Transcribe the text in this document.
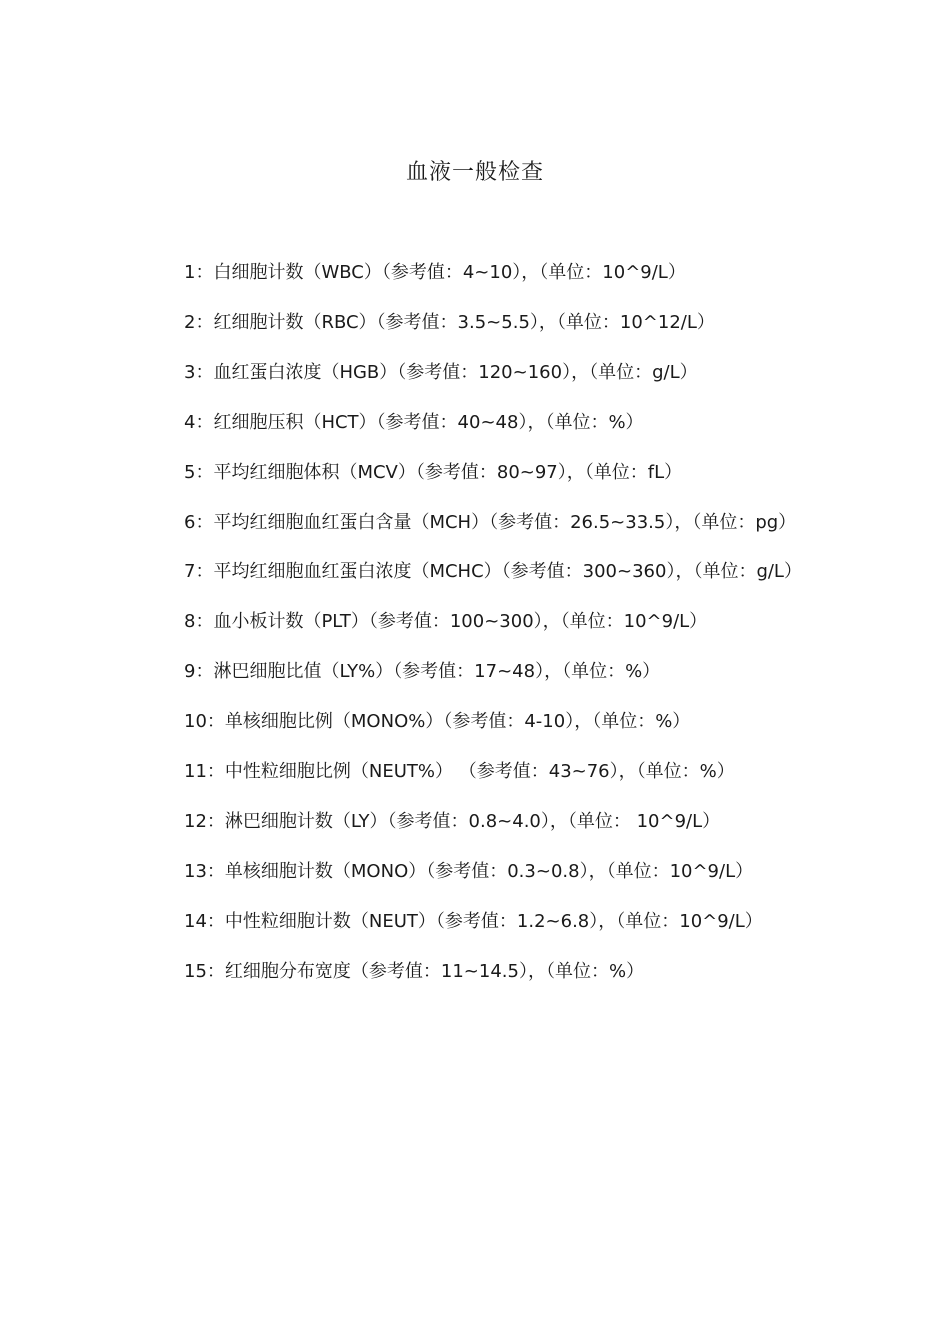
血液一般检查

1：白细胞计数（WBC）（参考值：4~10），（单位：10^9/L）

2：红细胞计数（RBC）（参考值：3.5~5.5），（单位：10^12/L）

3：血红蛋白浓度（HGB）（参考值：120~160），（单位：g/L）

4：红细胞压积（HCT）（参考值：40~48），（单位：%）

5：平均红细胞体积（MCV）（参考值：80~97），（单位：fL）

6：平均红细胞血红蛋白含量（MCH）（参考值：26.5~33.5），（单位：pg）

7：平均红细胞血红蛋白浓度（MCHC）（参考值：300~360），（单位：g/L）

8：血小板计数（PLT）（参考值：100~300），（单位：10^9/L）

9：淋巴细胞比值（LY%）（参考值：17~48），（单位：%）

10：单核细胞比例（MONO%）（参考值：4-10），（单位：%）

11：中性粒细胞比例（NEUT%） （参考值：43~76），（单位：%）

12：淋巴细胞计数（LY）（参考值：0.8~4.0），（单位： 10^9/L）

13：单核细胞计数（MONO）（参考值：0.3~0.8），（单位：10^9/L）

14：中性粒细胞计数（NEUT）（参考值：1.2~6.8），（单位：10^9/L）

15：红细胞分布宽度（参考值：11~14.5），（单位：%）
